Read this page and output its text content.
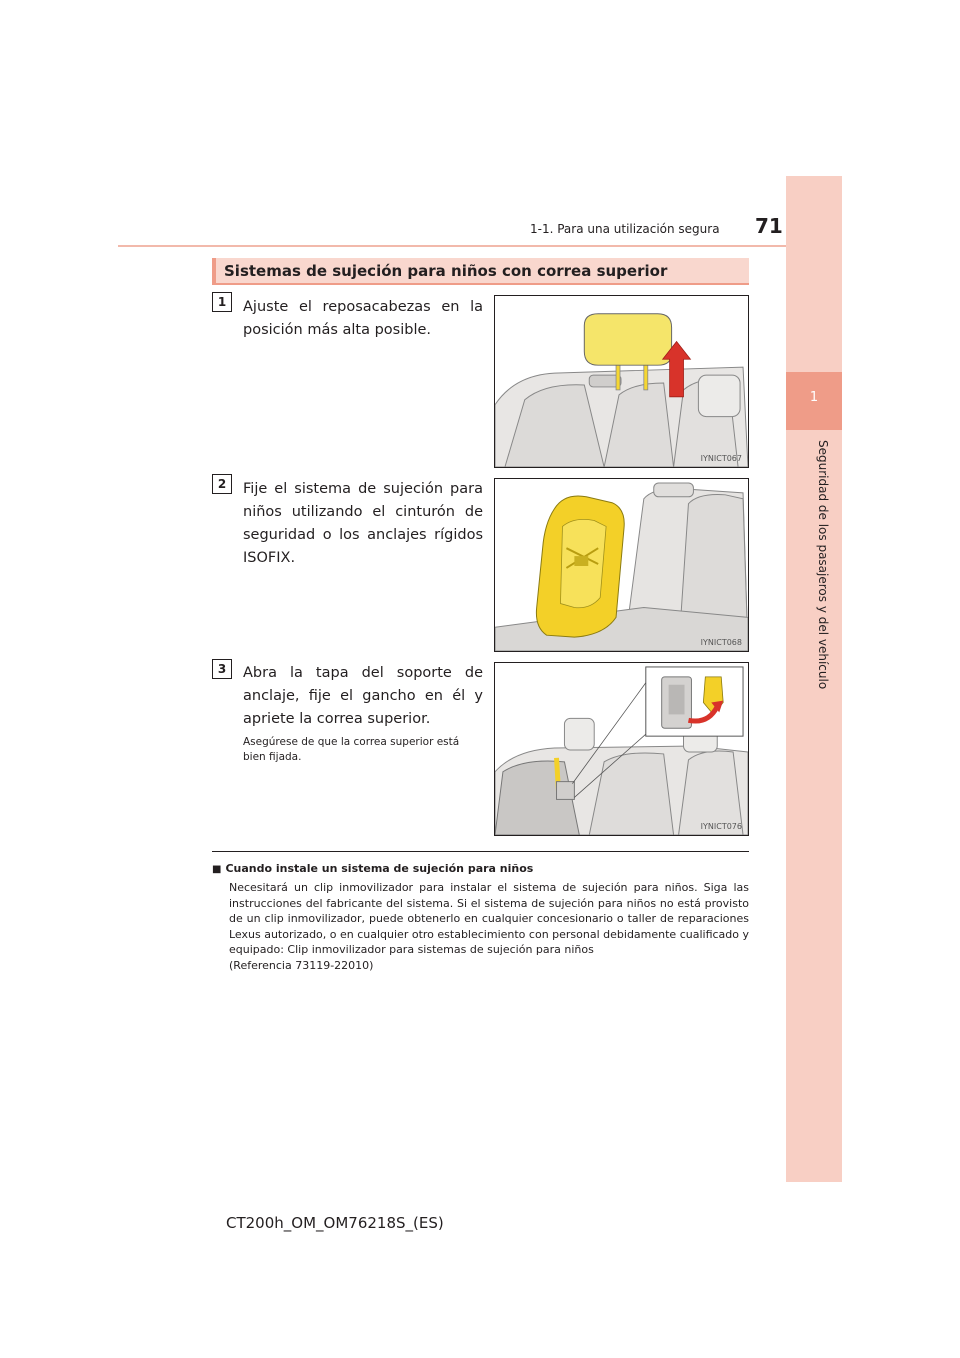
1-1. Para una utilización segura 71
1
Seguridad de los pasajeros y del vehículo
Sistemas de sujeción para niños con correa superior
1	Ajuste el reposacabezas en la posición más alta posible.
IYNICT067
2	Fije el sistema de sujeción para niños utilizando el cinturón de seguridad o los anclajes rígidos ISOFIX.
IYNICT068
3	Abra la tapa del soporte de anclaje, fije el gancho en él y apriete la correa superior.
Asegúrese de que la correa superior está bien fijada.
IYNICT076
■ Cuando instale un sistema de sujeción para niños
Necesitará un clip inmovilizador para instalar el sistema de sujeción para niños. Siga las instrucciones del fabricante del sistema. Si el sistema de sujeción para niños no está provisto de un clip inmovilizador, puede obtenerlo en cualquier concesionario o taller de reparaciones Lexus autorizado, o en cualquier otro establecimiento con personal debidamente cualificado y equipado: Clip inmovilizador para sistemas de sujeción para niños
(Referencia 73119-22010)
CT200h_OM_OM76218S_(ES)
